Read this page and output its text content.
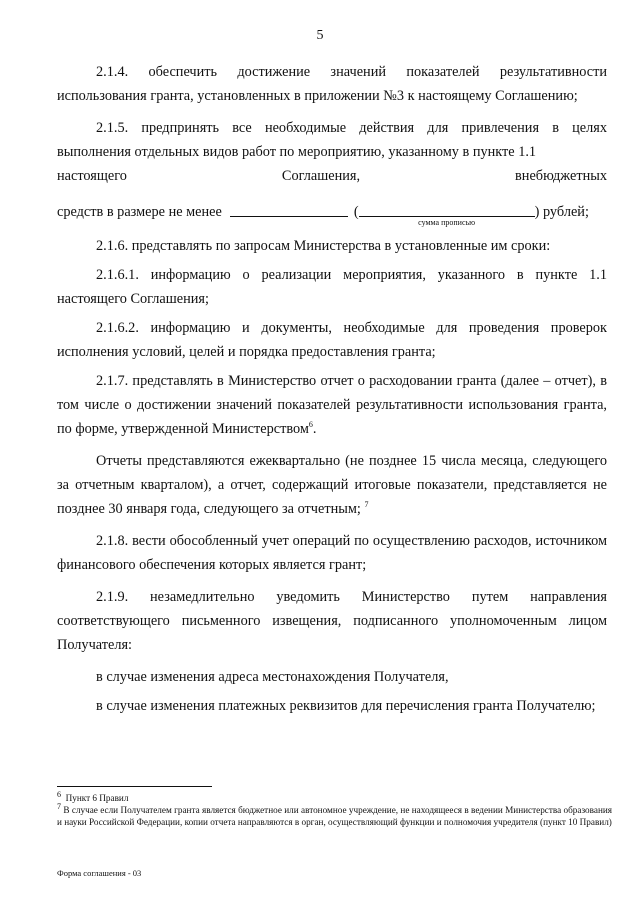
5

2.1.4. обеспечить достижение значений показателей результативности использования гранта, установленных в приложении №3 к настоящему Соглашению;

2.1.5. предпринять все необходимые действия для привлечения в целях выполнения отдельных видов работ по мероприятию, указанному в пункте 1.1

настоящего Соглашения, внебюджетных
средств в размере не менее	(
сумма прописью
) рублей;

2.1.6. представлять по запросам Министерства в установленные им сроки:

2.1.6.1. информацию о реализации мероприятия, указанного в пункте 1.1 настоящего Соглашения;

2.1.6.2. информацию и документы, необходимые для проведения проверок исполнения условий, целей и порядка предоставления гранта;

2.1.7. представлять в Министерство отчет о расходовании гранта (далее – отчет), в том числе о достижении значений показателей результативности использования гранта, по форме, утвержденной Министерством$^6$.

Отчеты представляются ежеквартально (не позднее 15 числа месяца, следующего за отчетным кварталом), а отчет, содержащий итоговые показатели, представляется не позднее 30 января года, следующего за отчетным; $^7$

2.1.8. вести обособленный учет операций по осуществлению расходов, источником финансового обеспечения которых является грант;

2.1.9. незамедлительно уведомить Министерство путем направления соответствующего письменного извещения, подписанного уполномоченным лицом Получателя:

в случае изменения адреса местонахождения Получателя,

в случае изменения платежных реквизитов для перечисления гранта Получателю;

$^6$ Пункт 6 Правил
$^7$ В случае если Получателем гранта является бюджетное или автономное учреждение, не находящееся в ведении Министерства образования и науки Российской Федерации, копии отчета направляются в орган, осуществляющий функции и полномочия учредителя (пункт 10 Правил)
Форма соглашения - 03
